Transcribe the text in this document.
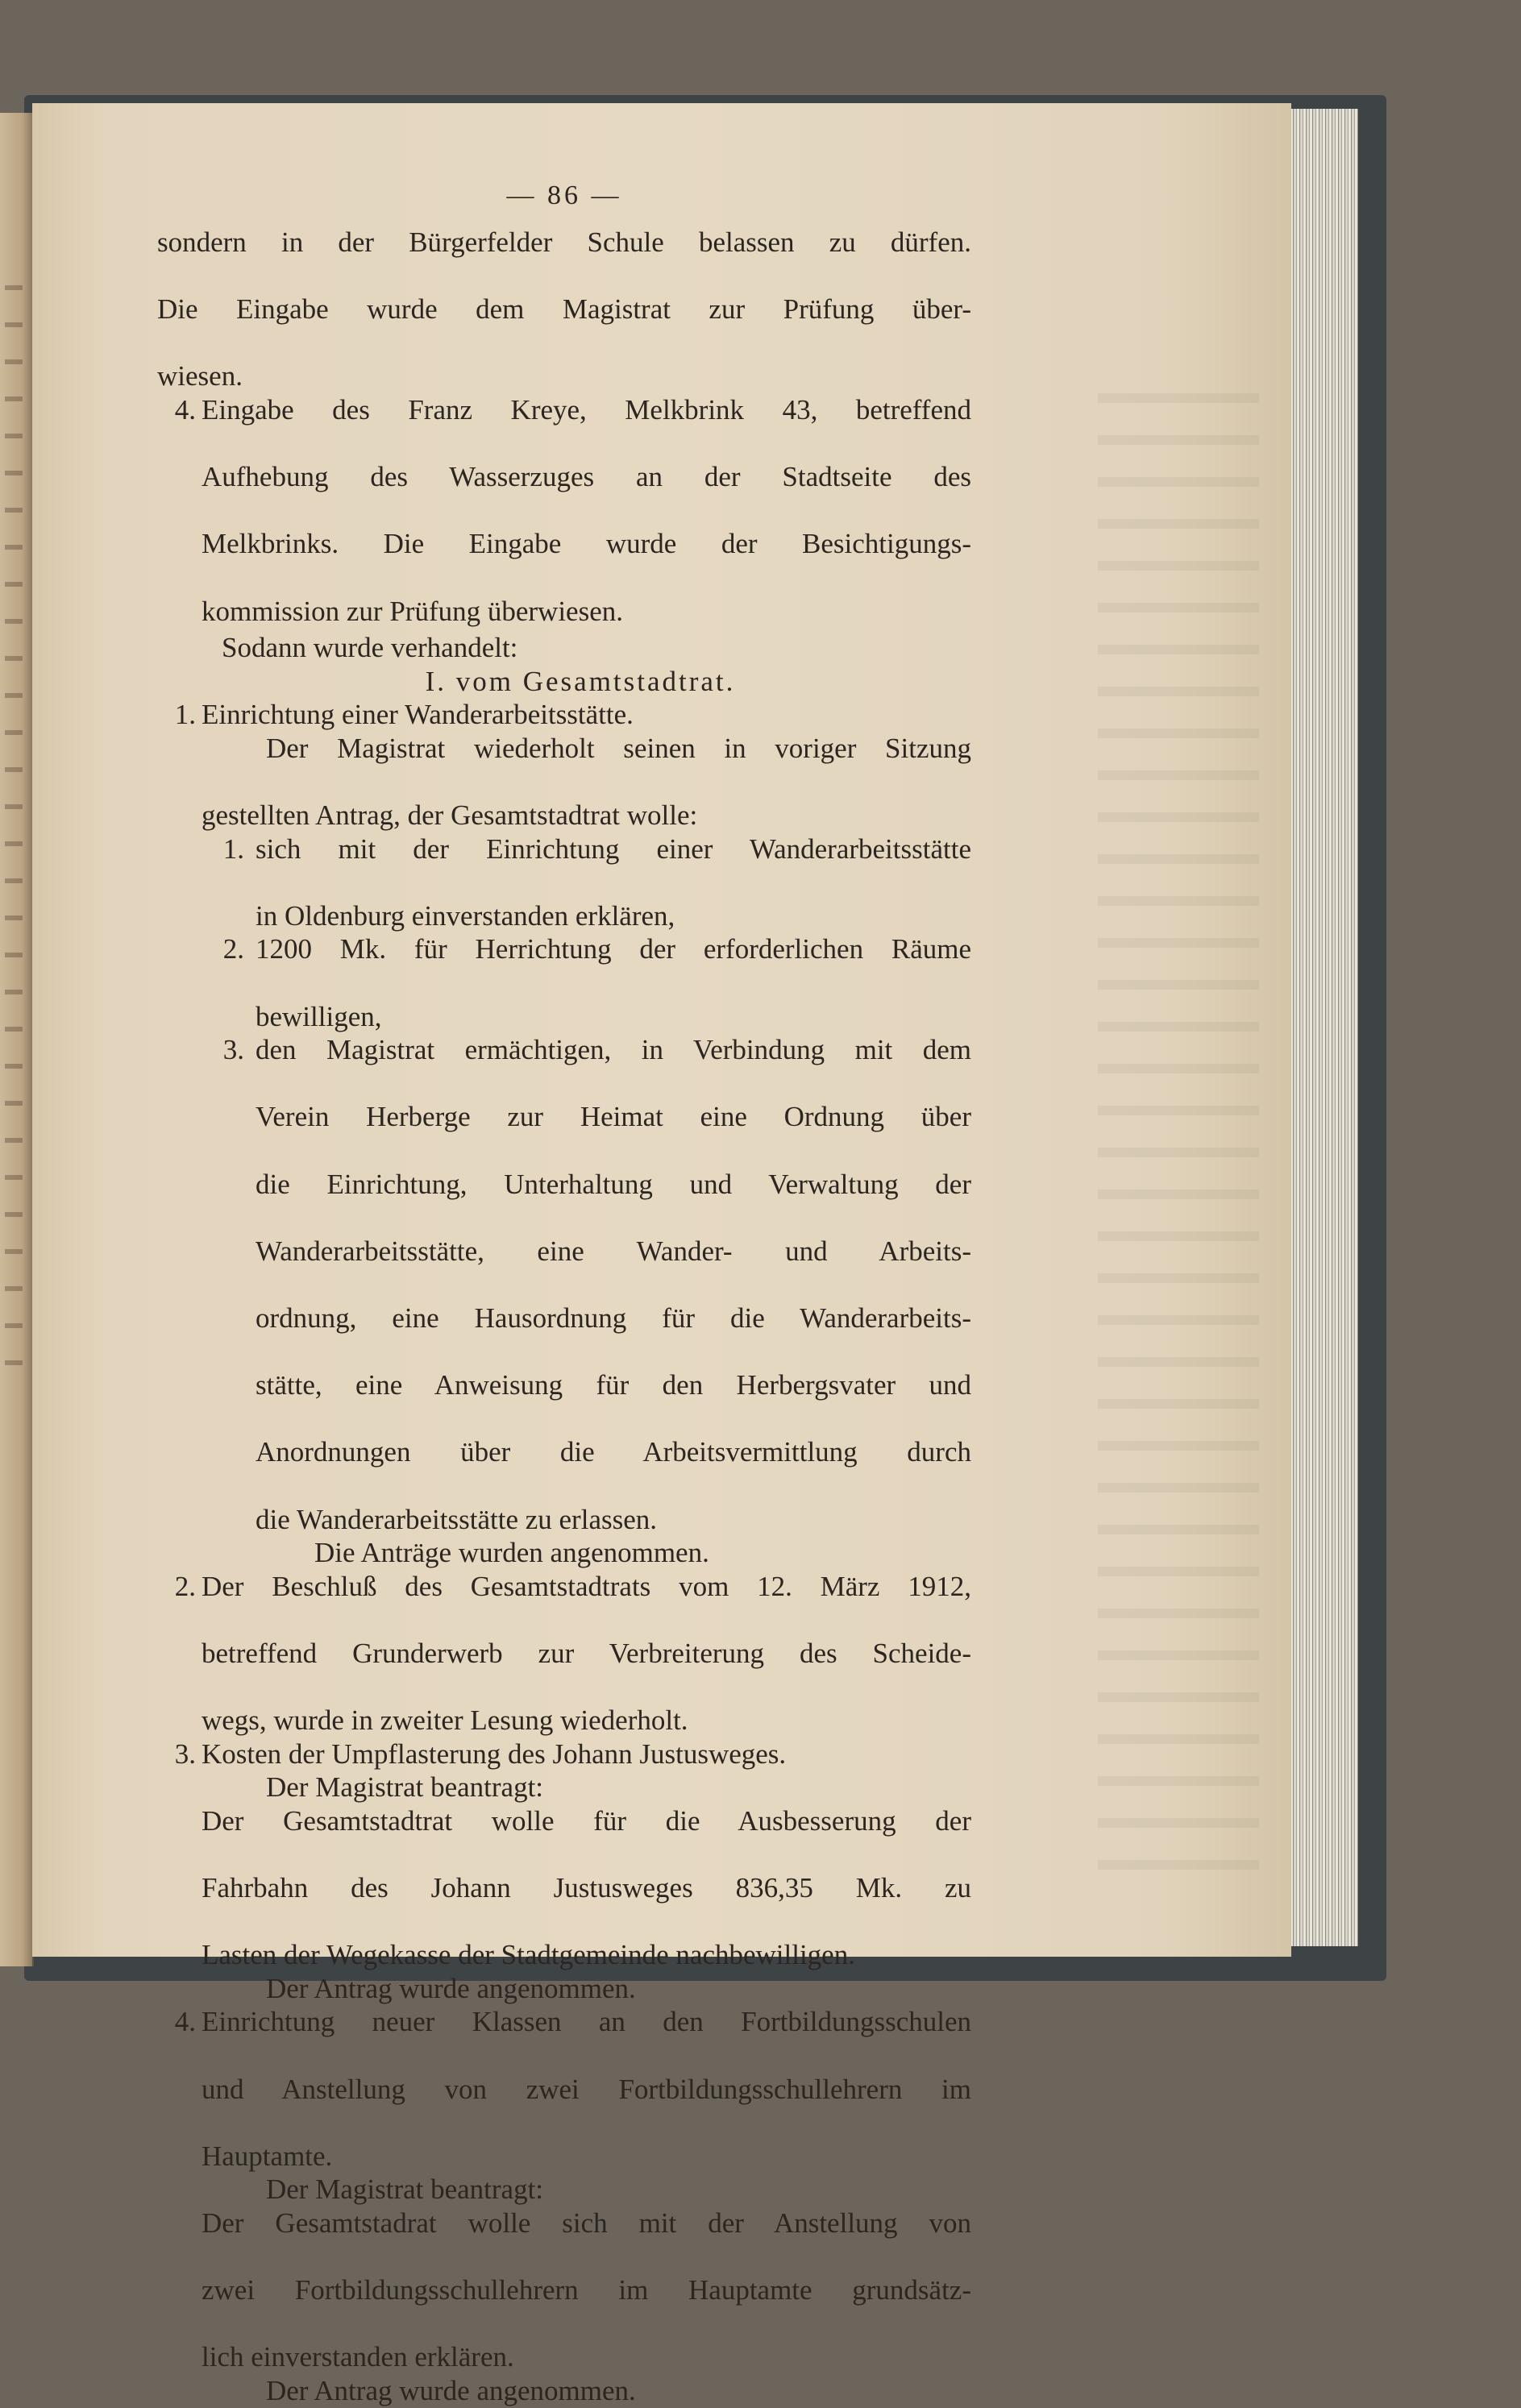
— 86 —
sondern in der Bürgerfelder Schule belassen zu dürfen.
Die Eingabe wurde dem Magistrat zur Prüfung über-
wiesen.
4. Eingabe des Franz Kreye, Melkbrink 43, betreffend
Aufhebung des Wasserzuges an der Stadtseite des
Melkbrinks. Die Eingabe wurde der Besichtigungs-
kommission zur Prüfung überwiesen.
Sodann wurde verhandelt:
I. vom Gesamtstadtrat.
1. Einrichtung einer Wanderarbeitsstätte.
Der Magistrat wiederholt seinen in voriger Sitzung
gestellten Antrag, der Gesamtstadtrat wolle:
1. sich mit der Einrichtung einer Wanderarbeitsstätte
in Oldenburg einverstanden erklären,
2. 1200 Mk. für Herrichtung der erforderlichen Räume
bewilligen,
3. den Magistrat ermächtigen, in Verbindung mit dem
Verein Herberge zur Heimat eine Ordnung über
die Einrichtung, Unterhaltung und Verwaltung der
Wanderarbeitsstätte, eine Wander- und Arbeits-
ordnung, eine Hausordnung für die Wanderarbeits-
stätte, eine Anweisung für den Herbergsvater und
Anordnungen über die Arbeitsvermittlung durch
die Wanderarbeitsstätte zu erlassen.
Die Anträge wurden angenommen.
2. Der Beschluß des Gesamtstadtrats vom 12. März 1912,
betreffend Grunderwerb zur Verbreiterung des Scheide-
wegs, wurde in zweiter Lesung wiederholt.
3. Kosten der Umpflasterung des Johann Justusweges.
Der Magistrat beantragt:
Der Gesamtstadtrat wolle für die Ausbesserung der
Fahrbahn des Johann Justusweges 836,35 Mk. zu
Lasten der Wegekasse der Stadtgemeinde nachbewilligen.
Der Antrag wurde angenommen.
4. Einrichtung neuer Klassen an den Fortbildungsschulen
und Anstellung von zwei Fortbildungsschullehrern im
Hauptamte.
Der Magistrat beantragt:
Der Gesamtstadrat wolle sich mit der Anstellung von
zwei Fortbildungsschullehrern im Hauptamte grundsätz-
lich einverstanden erklären.
Der Antrag wurde angenommen.
